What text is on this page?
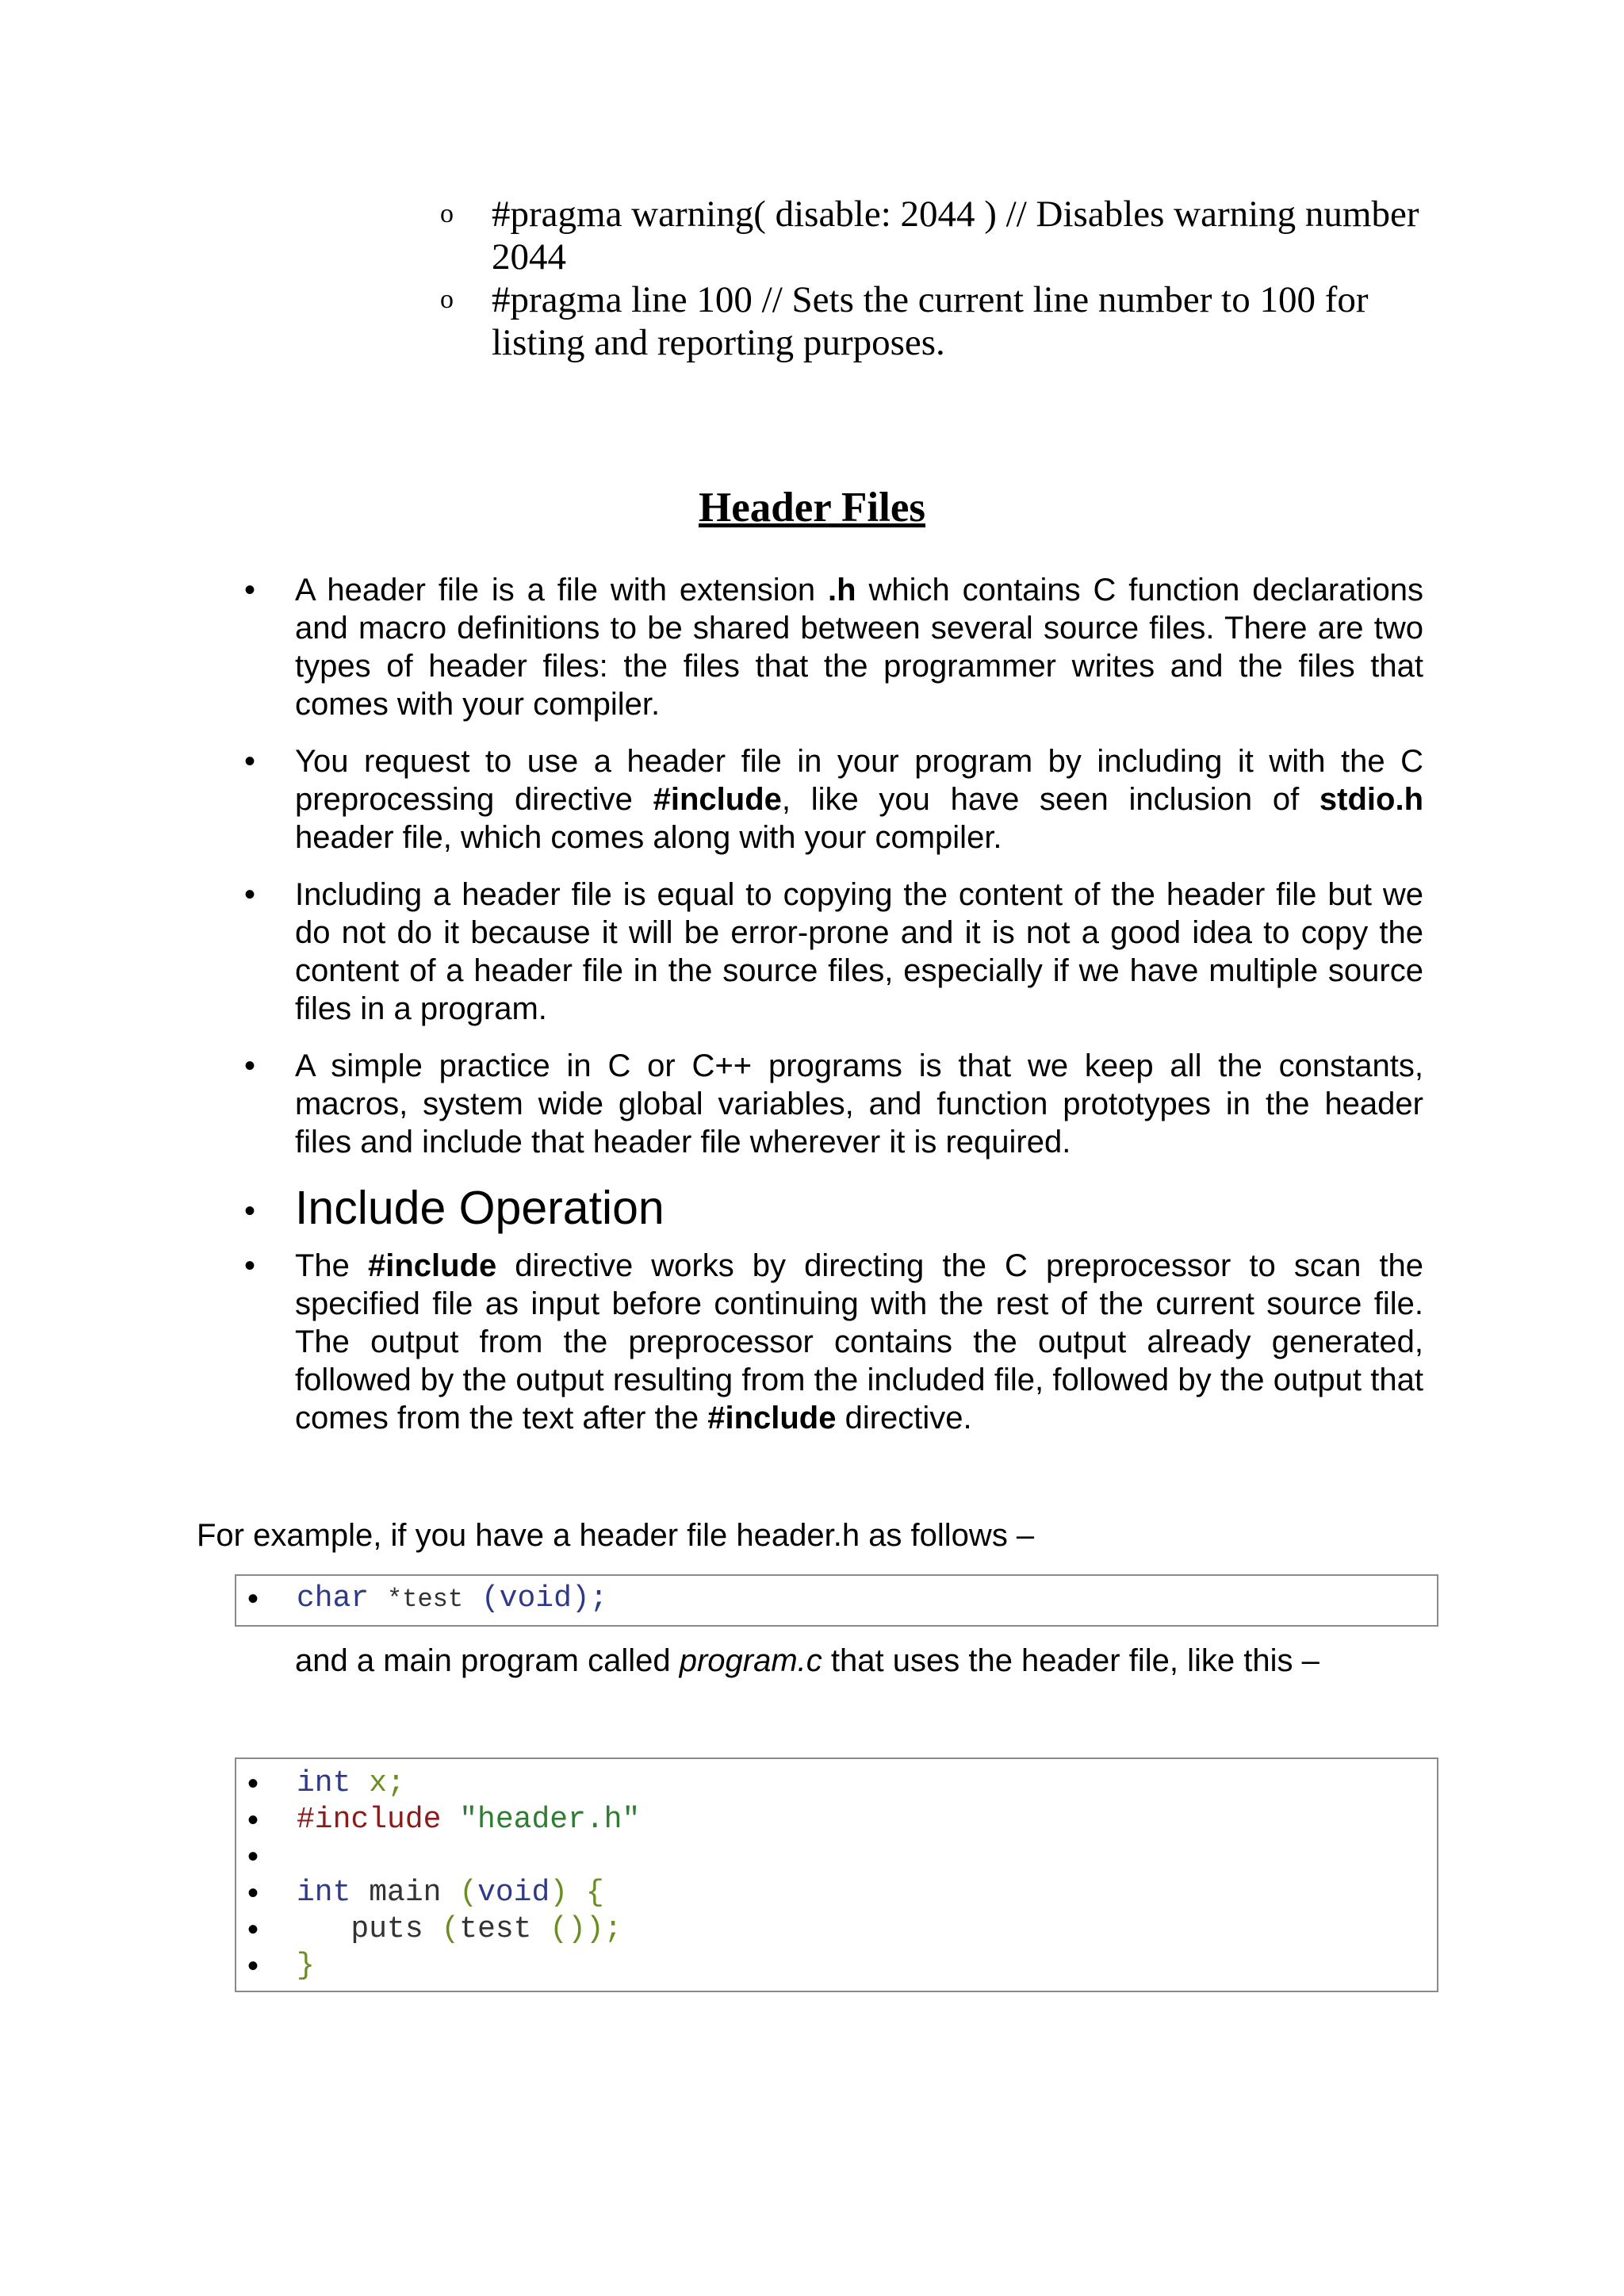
o #pragma warning( disable: 2044 ) // Disables warning number 2044
o #pragma line 100 // Sets the current line number to 100 for listing and reporting purposes.
Header Files
• A header file is a file with extension .h which contains C function declarations and macro definitions to be shared between several source files. There are two types of header files: the files that the programmer writes and the files that comes with your compiler.
• You request to use a header file in your program by including it with the C preprocessing directive #include, like you have seen inclusion of stdio.h header file, which comes along with your compiler.
• Including a header file is equal to copying the content of the header file but we do not do it because it will be error-prone and it is not a good idea to copy the content of a header file in the source files, especially if we have multiple source files in a program.
• A simple practice in C or C++ programs is that we keep all the constants, macros, system wide global variables, and function prototypes in the header files and include that header file wherever it is required.
• Include Operation
• The #include directive works by directing the C preprocessor to scan the specified file as input before continuing with the rest of the current source file. The output from the preprocessor contains the output already generated, followed by the output resulting from the included file, followed by the output that comes from the text after the #include directive.

For example, if you have a header file header.h as follows –

• char *test (void);

and a main program called program.c that uses the header file, like this –

• int x;
• #include "header.h"
•
• int main (void) {
•	puts (test ());
• }
